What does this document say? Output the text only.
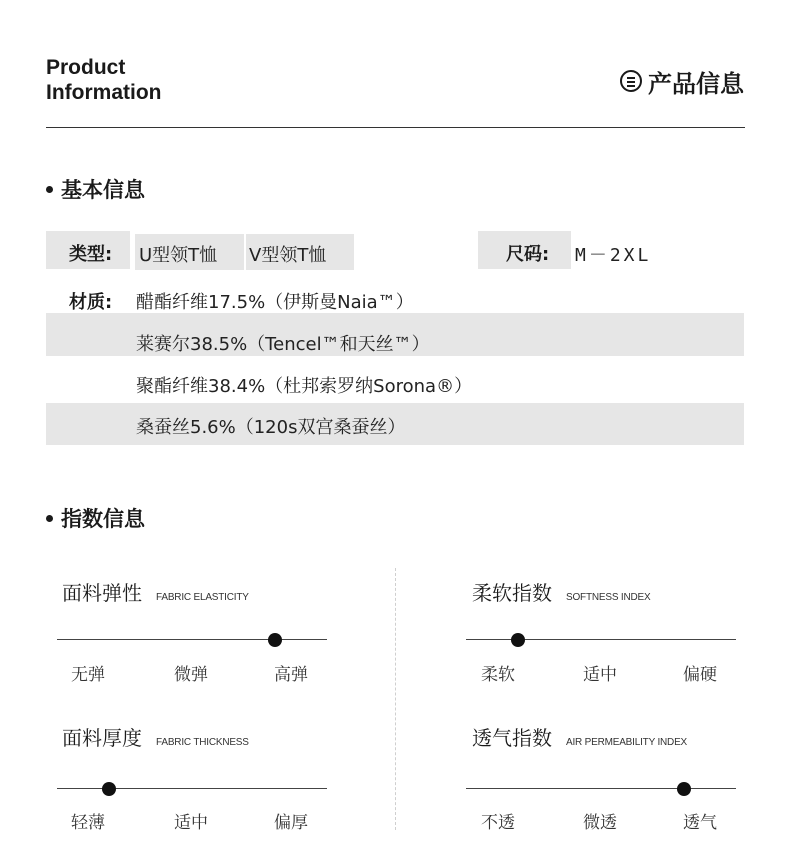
Product
Information	产品信息
基本信息
类型: U型领T恤 V型领T恤	尺码: M－2XL
材质: 醋酯纤维17.5%（伊斯曼Naia™）
莱赛尔38.5%（Tencel™和天丝™）
聚酯纤维38.4%（杜邦索罗纳Sorona®）
桑蚕丝5.6%（120s双宫桑蚕丝）
指数信息
面料弹性 FABRIC ELASTICITY
无弹	微弹	高弹
柔软指数 SOFTNESS INDEX
柔软	适中	偏硬
面料厚度 FABRIC THICKNESS
轻薄	适中	偏厚
透气指数 AIR PERMEABILITY INDEX
不透	微透	透气
